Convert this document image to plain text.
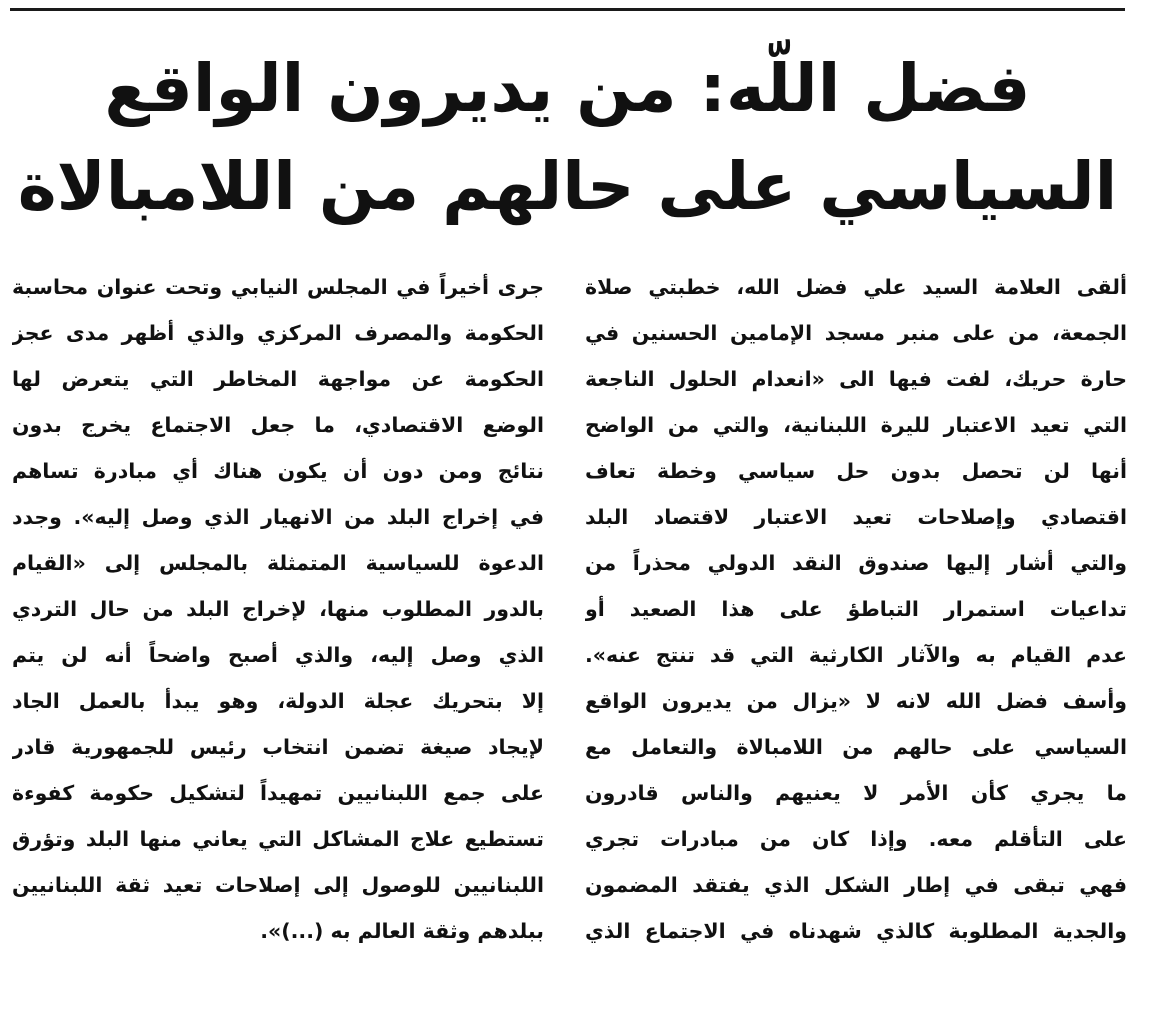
فضل اللّه: من يديرون الواقع
السياسي على حالهم من اللامبالاة
ألقى العلامة السيد علي فضل الله، خطبتي صلاة
الجمعة، من على منبر مسجد الإمامين الحسنين في
حارة حريك، لفت فيها الى «انعدام الحلول الناجعة
التي تعيد الاعتبار لليرة اللبنانية، والتي من الواضح
أنها لن تحصل بدون حل سياسي وخطة تعاف
اقتصادي وإصلاحات تعيد الاعتبار لاقتصاد البلد
والتي أشار إليها صندوق النقد الدولي محذراً من
تداعيات استمرار التباطؤ على هذا الصعيد أو
عدم القيام به والآثار الكارثية التي قد تنتج عنه».
وأسف فضل الله لانه لا «يزال من يديرون الواقع
السياسي على حالهم من اللامبالاة والتعامل مع
ما يجري كأن الأمر لا يعنيهم والناس قادرون
على التأقلم معه. وإذا كان من مبادرات تجري
فهي تبقى في إطار الشكل الذي يفتقد المضمون
والجدية المطلوبة كالذي شهدناه في الاجتماع الذي
جرى أخيراً في المجلس النيابي وتحت عنوان محاسبة
الحكومة والمصرف المركزي والذي أظهر مدى عجز
الحكومة عن مواجهة المخاطر التي يتعرض لها
الوضع الاقتصادي، ما جعل الاجتماع يخرج بدون
نتائج ومن دون أن يكون هناك أي مبادرة تساهم
في إخراج البلد من الانهيار الذي وصل إليه». وجدد
الدعوة للسياسية المتمثلة بالمجلس إلى «القيام
بالدور المطلوب منها، لإخراج البلد من حال التردي
الذي وصل إليه، والذي أصبح واضحاً أنه لن يتم
إلا بتحريك عجلة الدولة، وهو يبدأ بالعمل الجاد
لإيجاد صيغة تضمن انتخاب رئيس للجمهورية قادر
على جمع اللبنانيين تمهيداً لتشكيل حكومة كفوءة
تستطيع علاج المشاكل التي يعاني منها البلد وتؤرق
اللبنانيين للوصول إلى إصلاحات تعيد ثقة اللبنانيين
ببلدهم وثقة العالم به (...)».
